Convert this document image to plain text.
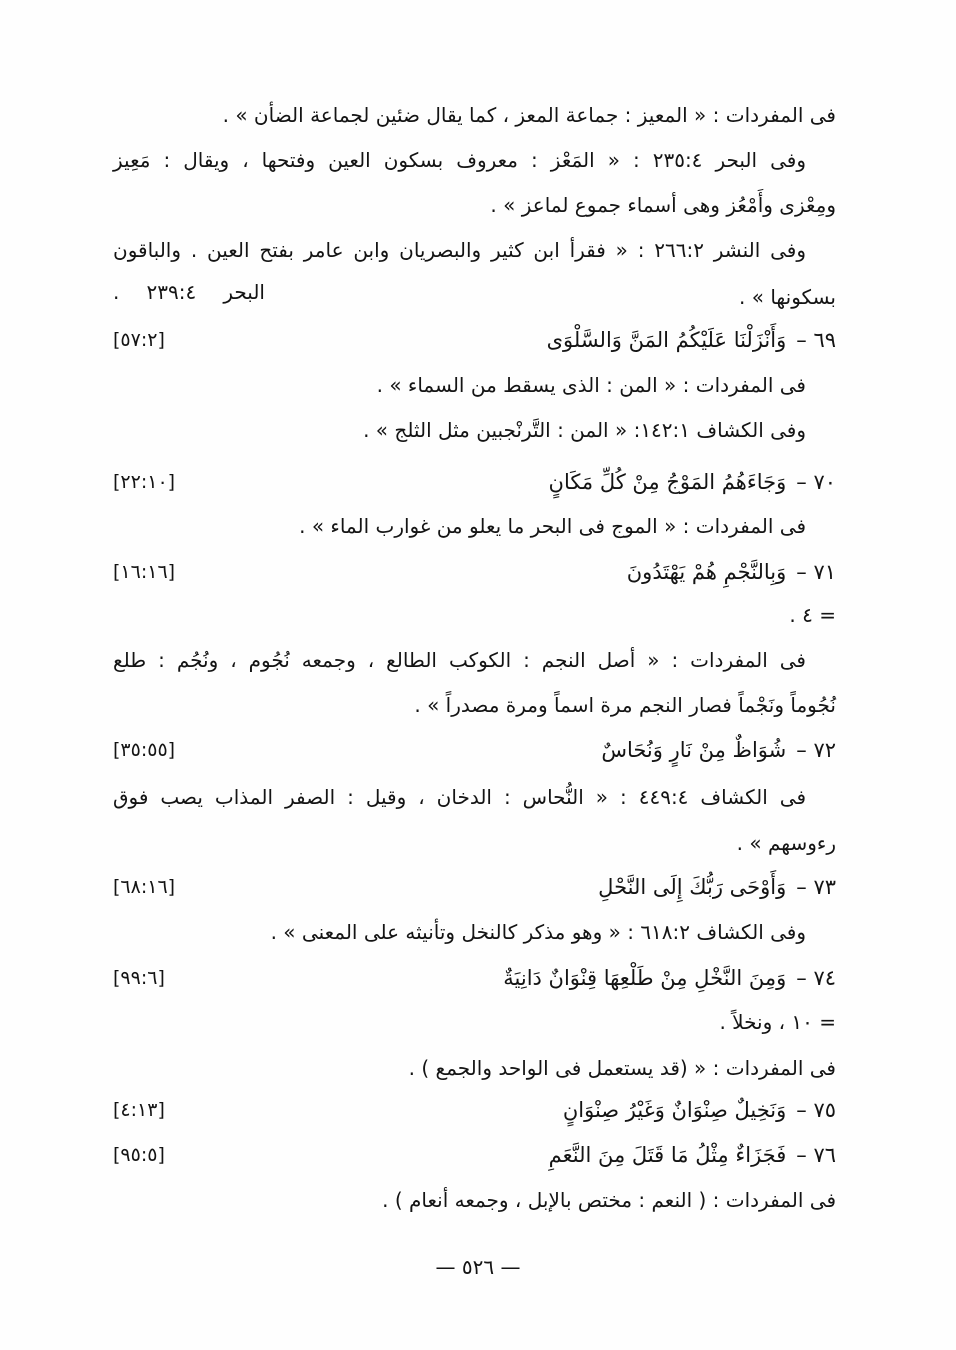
فى المفردات : « المعيز : جماعة المعز ، كما يقال ضئين لجماعة الضأن » .
وفى البحر ٢٣٥:٤ : « المَعْز : معروف بسكون العين وفتحها ، ويقال : مَعِيز
ومِعْزى وأَمْعُز وهى أسماء جموع لماعز » .
وفى النشر ٢٦٦:٢ : « فقرأ ابن كثير والبصريان وابن عامر بفتح العين . والباقون
بسكونها » .
البحر ٢٣٩:٤ .
٦٩ –وَأَنْزَلْنَا عَلَيْكُمُ المَنَّ وَالسَّلْوَى
[٥٧:٢]
فى المفردات : « المن : الذى يسقط من السماء » .
وفى الكشاف ١٤٢:١: « المن : التَّرنْجبين مثل الثلج » .
٧٠ –وَجَاءَهُمُ المَوْجُ مِنْ كُلِّ مَكَانٍ
[٢٢:١٠]
فى المفردات : « الموج فى البحر ما يعلو من غوارب الماء » .
٧١ –وَبِالنَّجْمِ هُمْ يَهْتَدُونَ
[١٦:١٦]
= ٤ .
فى المفردات : « أصل النجم : الكوكب الطالع ، وجمعه نُجُوم ، ونُجُم : طلع
نُجُوماً ونَجْماً فصار النجم مرة اسماً ومرة مصدراً » .
٧٢ –شُوَاظٌ مِنْ نَارٍ وَنُحَاسٌ
[٣٥:٥٥]
فى الكشاف ٤٤٩:٤ : « النُّحاس : الدخان ، وقيل : الصفر المذاب يصب فوق
رءوسهم » .
٧٣ –وَأَوْحَى رَبُّكَ إِلَى النَّحْلِ
[٦٨:١٦]
وفى الكشاف ٦١٨:٢ : « وهو مذكر كالنخل وتأنيثه على المعنى » .
٧٤ –وَمِنَ النَّخْلِ مِنْ طَلْعِهَا قِنْوَانٌ دَانِيَةٌ
[٩٩:٦]
= ١٠ ، ونخلاً .
فى المفردات : « (قد يستعمل فى الواحد والجمع ) .
٧٥ –وَنَخِيلٌ صِنْوَانٌ وَغَيْرُ صِنْوَانٍ
[٤:١٣]
٧٦ –فَجَزَاءٌ مِثْلُ مَا قَتَلَ مِنَ النَّعَمِ
[٩٥:٥]
فى المفردات : ( النعم : مختص بالإبل ، وجمعه أنعام ) .
— ٥٢٦ —
